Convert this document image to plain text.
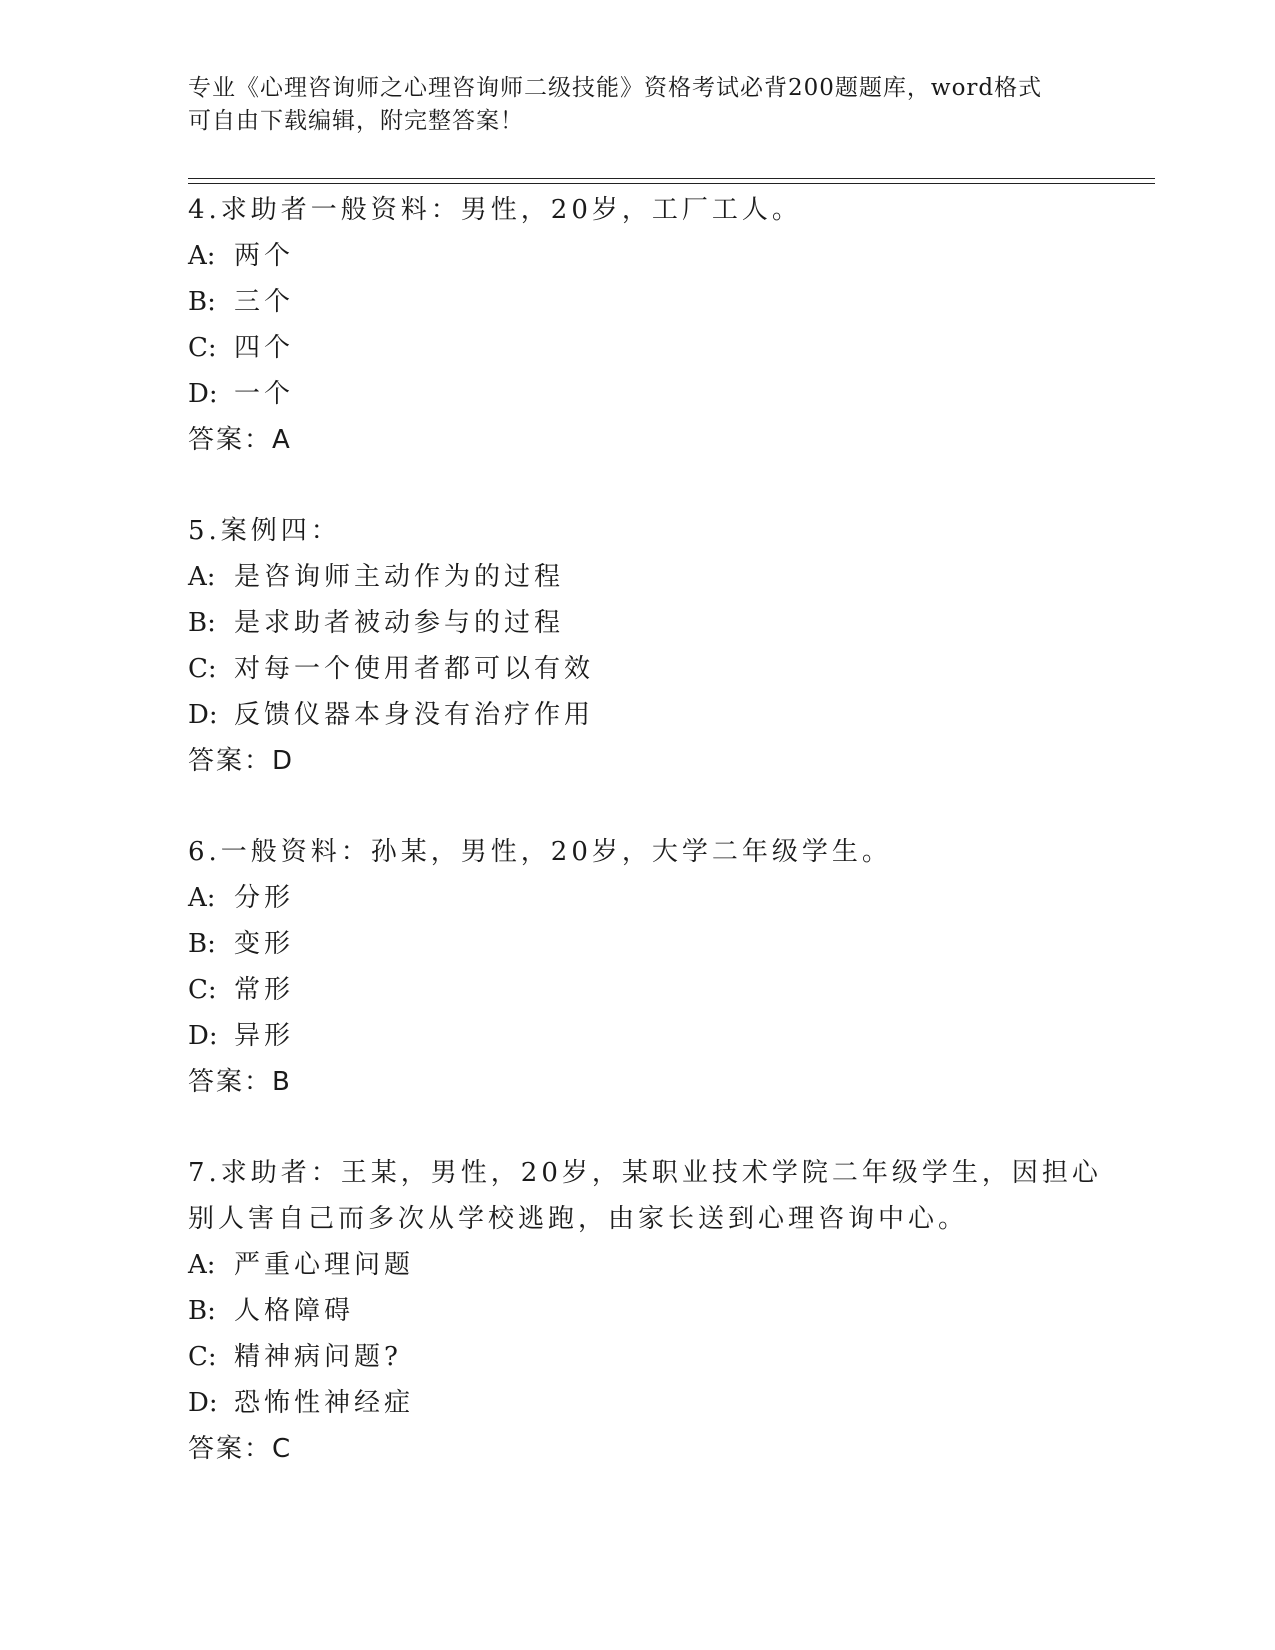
专业《心理咨询师之心理咨询师二级技能》资格考试必背200题题库，word格式
可自由下载编辑，附完整答案！
4.求助者一般资料：男性，20岁，工厂工人。
A: 两个
B: 三个
C: 四个
D: 一个
答案：A
5.案例四：
A: 是咨询师主动作为的过程
B: 是求助者被动参与的过程
C: 对每一个使用者都可以有效
D: 反馈仪器本身没有治疗作用
答案：D
6.一般资料：孙某，男性，20岁，大学二年级学生。
A: 分形
B: 变形
C: 常形
D: 异形
答案：B
7.求助者：王某，男性，20岁，某职业技术学院二年级学生，因担心
别人害自己而多次从学校逃跑，由家长送到心理咨询中心。
A: 严重心理问题
B: 人格障碍
C: 精神病问题?
D: 恐怖性神经症
答案：C
